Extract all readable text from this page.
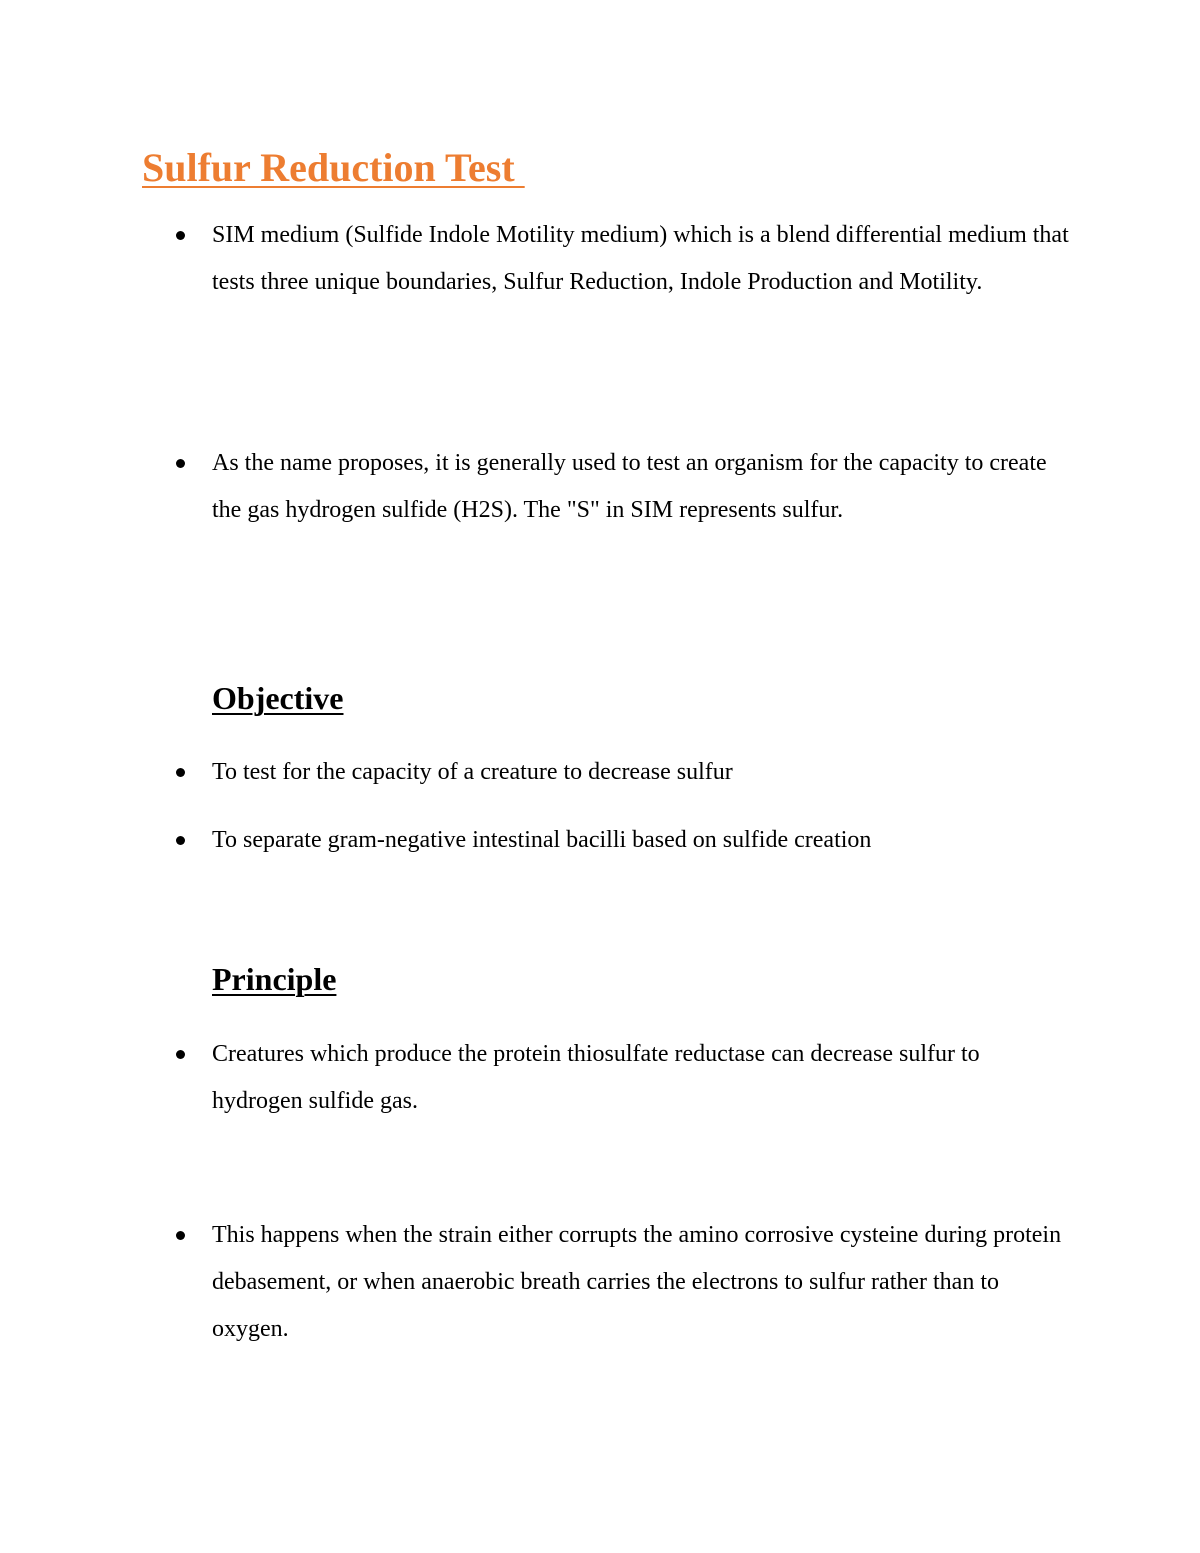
Sulfur Reduction Test
SIM medium (Sulfide Indole Motility medium) which is a blend differential medium that tests three unique boundaries, Sulfur Reduction, Indole Production and Motility.
As the name proposes, it is generally used to test an organism for the capacity to create the gas hydrogen sulfide (H2S). The "S" in SIM represents sulfur.
Objective
To test for the capacity of a creature to decrease sulfur
To separate gram-negative intestinal bacilli based on sulfide creation
Principle
Creatures which produce the protein thiosulfate reductase can decrease sulfur to hydrogen sulfide gas.
This happens when the strain either corrupts the amino corrosive cysteine during protein debasement, or when anaerobic breath carries the electrons to sulfur rather than to oxygen.
